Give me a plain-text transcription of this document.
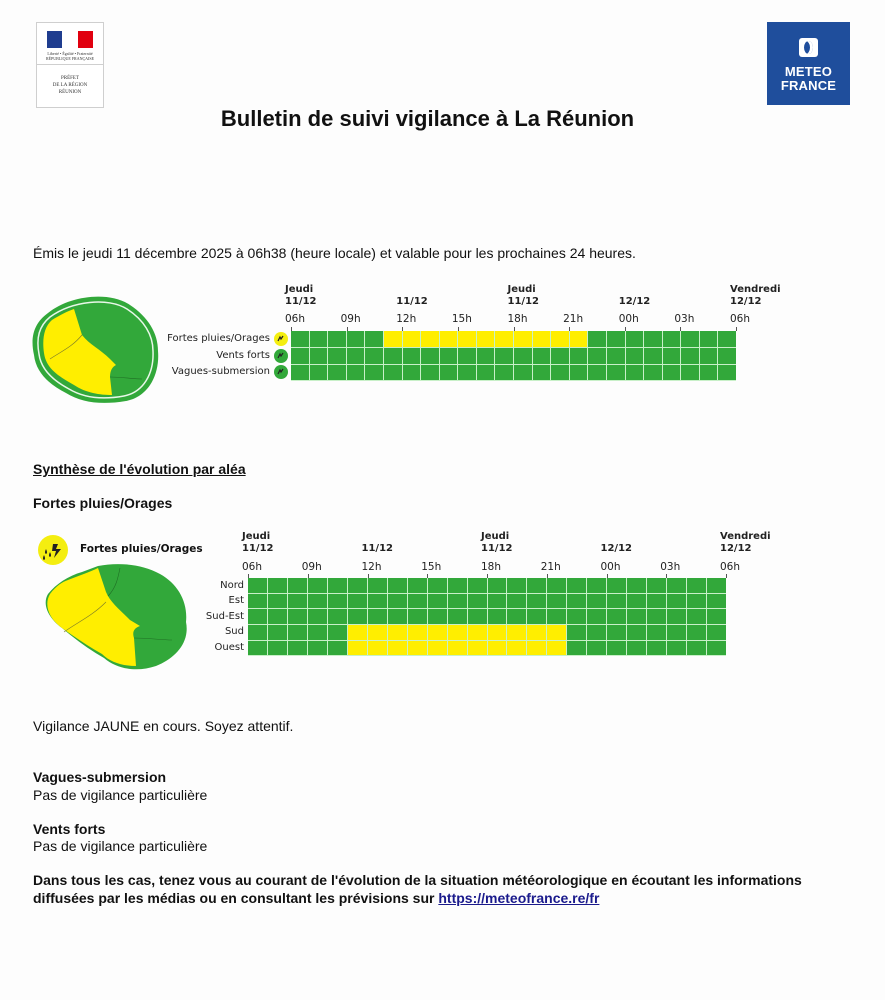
Liberté • Égalité • Fraternité
RÉPUBLIQUE FRANÇAISE
PRÉFET
DE LA RÉGION
RÉUNION
METEO
FRANCE
Bulletin de suivi vigilance à La Réunion
Émis le jeudi 11 décembre 2025 à 06h38 (heure locale) et valable pour les prochaines 24 heures.
Jeudi
11/12	11/12
Jeudi
11/12	12/12
Vendredi
12/12
06h	09h	12h	15h	18h	21h	00h	03h	06h
Fortes pluies/Orages
Vents forts
Vagues-submersion
Synthèse de l'évolution par aléa
Fortes pluies/Orages
Fortes pluies/Orages
Jeudi
11/12	11/12
Jeudi
11/12	12/12
Vendredi
12/12
06h	09h	12h	15h	18h	21h	00h	03h	06h
Nord
Est
Sud-Est
Sud
Ouest
Vigilance JAUNE en cours. Soyez attentif.
Vagues-submersion
Pas de vigilance particulière
Vents forts
Pas de vigilance particulière
Dans tous les cas, tenez vous au courant de l'évolution de la situation météorologique en écoutant les informations diffusées par les médias ou en consultant les prévisions sur https://meteofrance.re/fr
